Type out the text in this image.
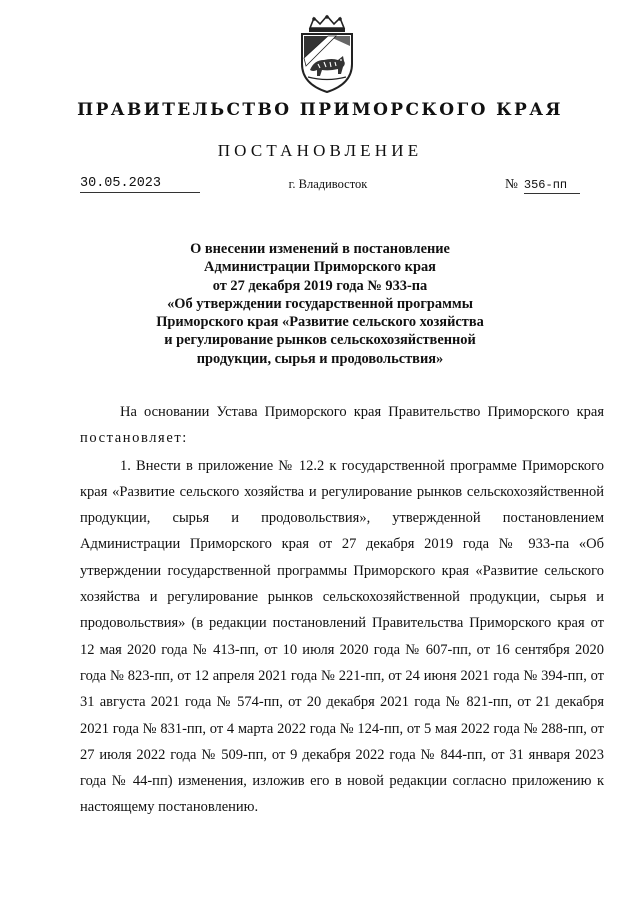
ПРАВИТЕЛЬСТВО ПРИМОРСКОГО КРАЯ
ПОСТАНОВЛЕНИЕ
30.05.2023	г. Владивосток	№ 356-пп
О внесении изменений в постановление
Администрации Приморского края
от 27 декабря 2019 года № 933-па
«Об утверждении государственной программы
Приморского края «Развитие сельского хозяйства
и регулирование рынков сельскохозяйственной
продукции, сырья и продовольствия»

На основании Устава Приморского края Правительство Приморского края постановляет:

1. Внести в приложение № 12.2 к государственной программе Приморского края «Развитие сельского хозяйства и регулирование рынков сельскохозяйственной продукции, сырья и продовольствия», утвержденной постановлением Администрации Приморского края от 27 декабря 2019 года № 933-па «Об утверждении государственной программы Приморского края «Развитие сельского хозяйства и регулирование рынков сельскохозяйственной продукции, сырья и продовольствия» (в редакции постановлений Правительства Приморского края от 12 мая 2020 года № 413-пп, от 10 июля 2020 года № 607-пп, от 16 сентября 2020 года № 823-пп, от 12 апреля 2021 года № 221-пп, от 24 июня 2021 года № 394-пп, от 31 августа 2021 года № 574-пп, от 20 декабря 2021 года № 821-пп, от 21 декабря 2021 года № 831-пп, от 4 марта 2022 года № 124-пп, от 5 мая 2022 года № 288-пп, от 27 июля 2022 года № 509-пп, от 9 декабря 2022 года № 844-пп, от 31 января 2023 года № 44-пп) изменения, изложив его в новой редакции согласно приложению к настоящему постановлению.
